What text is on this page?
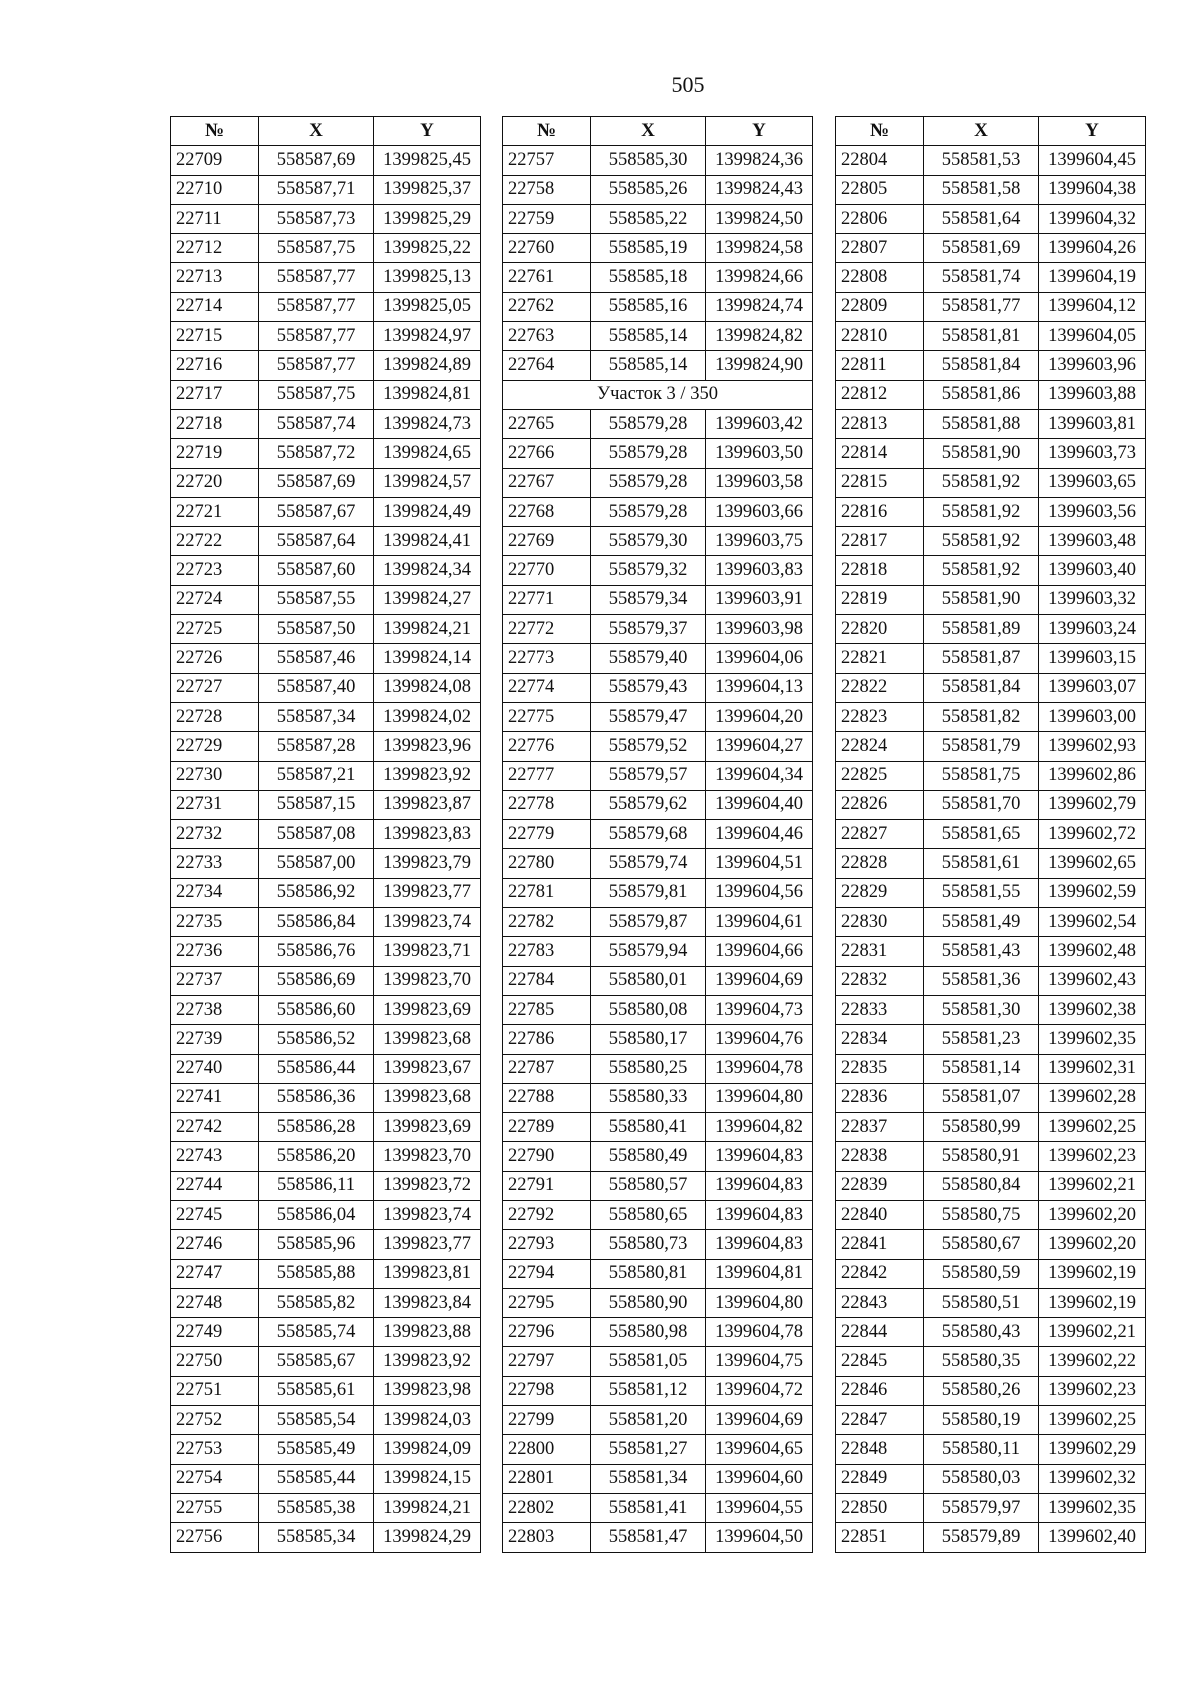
505
№	X	Y
22709	558587,69	1399825,45
22710	558587,71	1399825,37
22711	558587,73	1399825,29
22712	558587,75	1399825,22
22713	558587,77	1399825,13
22714	558587,77	1399825,05
22715	558587,77	1399824,97
22716	558587,77	1399824,89
22717	558587,75	1399824,81
22718	558587,74	1399824,73
22719	558587,72	1399824,65
22720	558587,69	1399824,57
22721	558587,67	1399824,49
22722	558587,64	1399824,41
22723	558587,60	1399824,34
22724	558587,55	1399824,27
22725	558587,50	1399824,21
22726	558587,46	1399824,14
22727	558587,40	1399824,08
22728	558587,34	1399824,02
22729	558587,28	1399823,96
22730	558587,21	1399823,92
22731	558587,15	1399823,87
22732	558587,08	1399823,83
22733	558587,00	1399823,79
22734	558586,92	1399823,77
22735	558586,84	1399823,74
22736	558586,76	1399823,71
22737	558586,69	1399823,70
22738	558586,60	1399823,69
22739	558586,52	1399823,68
22740	558586,44	1399823,67
22741	558586,36	1399823,68
22742	558586,28	1399823,69
22743	558586,20	1399823,70
22744	558586,11	1399823,72
22745	558586,04	1399823,74
22746	558585,96	1399823,77
22747	558585,88	1399823,81
22748	558585,82	1399823,84
22749	558585,74	1399823,88
22750	558585,67	1399823,92
22751	558585,61	1399823,98
22752	558585,54	1399824,03
22753	558585,49	1399824,09
22754	558585,44	1399824,15
22755	558585,38	1399824,21
22756	558585,34	1399824,29
№	X	Y
22757	558585,30	1399824,36
22758	558585,26	1399824,43
22759	558585,22	1399824,50
22760	558585,19	1399824,58
22761	558585,18	1399824,66
22762	558585,16	1399824,74
22763	558585,14	1399824,82
22764	558585,14	1399824,90
Участок 3 / 350		
22765	558579,28	1399603,42
22766	558579,28	1399603,50
22767	558579,28	1399603,58
22768	558579,28	1399603,66
22769	558579,30	1399603,75
22770	558579,32	1399603,83
22771	558579,34	1399603,91
22772	558579,37	1399603,98
22773	558579,40	1399604,06
22774	558579,43	1399604,13
22775	558579,47	1399604,20
22776	558579,52	1399604,27
22777	558579,57	1399604,34
22778	558579,62	1399604,40
22779	558579,68	1399604,46
22780	558579,74	1399604,51
22781	558579,81	1399604,56
22782	558579,87	1399604,61
22783	558579,94	1399604,66
22784	558580,01	1399604,69
22785	558580,08	1399604,73
22786	558580,17	1399604,76
22787	558580,25	1399604,78
22788	558580,33	1399604,80
22789	558580,41	1399604,82
22790	558580,49	1399604,83
22791	558580,57	1399604,83
22792	558580,65	1399604,83
22793	558580,73	1399604,83
22794	558580,81	1399604,81
22795	558580,90	1399604,80
22796	558580,98	1399604,78
22797	558581,05	1399604,75
22798	558581,12	1399604,72
22799	558581,20	1399604,69
22800	558581,27	1399604,65
22801	558581,34	1399604,60
22802	558581,41	1399604,55
22803	558581,47	1399604,50
№	X	Y
22804	558581,53	1399604,45
22805	558581,58	1399604,38
22806	558581,64	1399604,32
22807	558581,69	1399604,26
22808	558581,74	1399604,19
22809	558581,77	1399604,12
22810	558581,81	1399604,05
22811	558581,84	1399603,96
22812	558581,86	1399603,88
22813	558581,88	1399603,81
22814	558581,90	1399603,73
22815	558581,92	1399603,65
22816	558581,92	1399603,56
22817	558581,92	1399603,48
22818	558581,92	1399603,40
22819	558581,90	1399603,32
22820	558581,89	1399603,24
22821	558581,87	1399603,15
22822	558581,84	1399603,07
22823	558581,82	1399603,00
22824	558581,79	1399602,93
22825	558581,75	1399602,86
22826	558581,70	1399602,79
22827	558581,65	1399602,72
22828	558581,61	1399602,65
22829	558581,55	1399602,59
22830	558581,49	1399602,54
22831	558581,43	1399602,48
22832	558581,36	1399602,43
22833	558581,30	1399602,38
22834	558581,23	1399602,35
22835	558581,14	1399602,31
22836	558581,07	1399602,28
22837	558580,99	1399602,25
22838	558580,91	1399602,23
22839	558580,84	1399602,21
22840	558580,75	1399602,20
22841	558580,67	1399602,20
22842	558580,59	1399602,19
22843	558580,51	1399602,19
22844	558580,43	1399602,21
22845	558580,35	1399602,22
22846	558580,26	1399602,23
22847	558580,19	1399602,25
22848	558580,11	1399602,29
22849	558580,03	1399602,32
22850	558579,97	1399602,35
22851	558579,89	1399602,40
